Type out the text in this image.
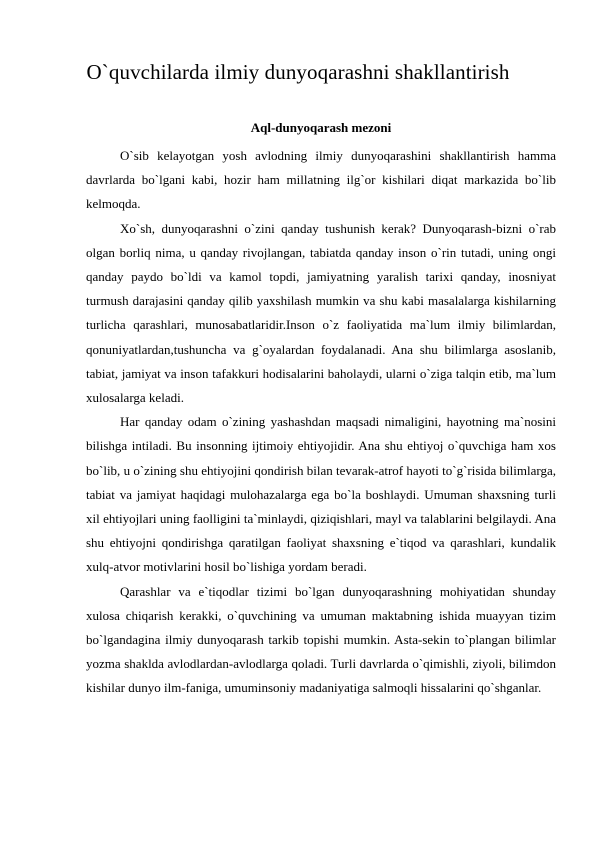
O`quvchilarda ilmiy dunyoqarashni shakllantirish
Aql-dunyoqarash mezoni

O`sib kelayotgan yosh avlodning ilmiy dunyoqarashini shakllantirish hamma davrlarda bo`lgani kabi, hozir ham millatning ilg`or kishilari diqat markazida bo`lib kelmoqda.

Xo`sh, dunyoqarashni o`zini qanday tushunish kerak? Dunyoqarash-bizni o`rab olgan borliq nima, u qanday rivojlangan, tabiatda qanday inson o`rin tutadi, uning ongi qanday paydo bo`ldi va kamol topdi, jamiyatning yaralish tarixi qanday, inosniyat turmush darajasini qanday qilib yaxshilash mumkin va shu kabi masalalarga kishilarning turlicha qarashlari, munosabatlaridir.Inson o`z faoliyatida ma`lum ilmiy bilimlardan, qonuniyatlardan,tushuncha va g`oyalardan foydalanadi. Ana shu bilimlarga asoslanib, tabiat, jamiyat va inson tafakkuri hodisalarini baholaydi, ularni o`ziga talqin etib, ma`lum xulosalarga keladi.

Har qanday odam o`zining yashashdan maqsadi nimaligini, hayotning ma`nosini bilishga intiladi. Bu insonning ijtimoiy ehtiyojidir. Ana shu ehtiyoj o`quvchiga ham xos bo`lib, u o`zining shu ehtiyojini qondirish bilan tevarak-atrof hayoti to`g`risida bilimlarga, tabiat va jamiyat haqidagi mulohazalarga ega bo`la boshlaydi. Umuman shaxsning turli xil ehtiyojlari uning faolligini ta`minlaydi, qiziqishlari, mayl va talablarini belgilaydi. Ana shu ehtiyojni qondirishga qaratilgan faoliyat shaxsning e`tiqod va qarashlari, kundalik xulq-atvor motivlarini hosil bo`lishiga yordam beradi.

Qarashlar va e`tiqodlar tizimi bo`lgan dunyoqarashning mohiyatidan shunday xulosa chiqarish kerakki, o`quvchining va umuman maktabning ishida muayyan tizim bo`lgandagina ilmiy dunyoqarash tarkib topishi mumkin. Asta-sekin to`plangan bilimlar yozma shaklda avlodlardan-avlodlarga qoladi. Turli davrlarda o`qimishli, ziyoli, bilimdon kishilar dunyo ilm-faniga, umuminsoniy madaniyatiga salmoqli hissalarini qo`shganlar.
